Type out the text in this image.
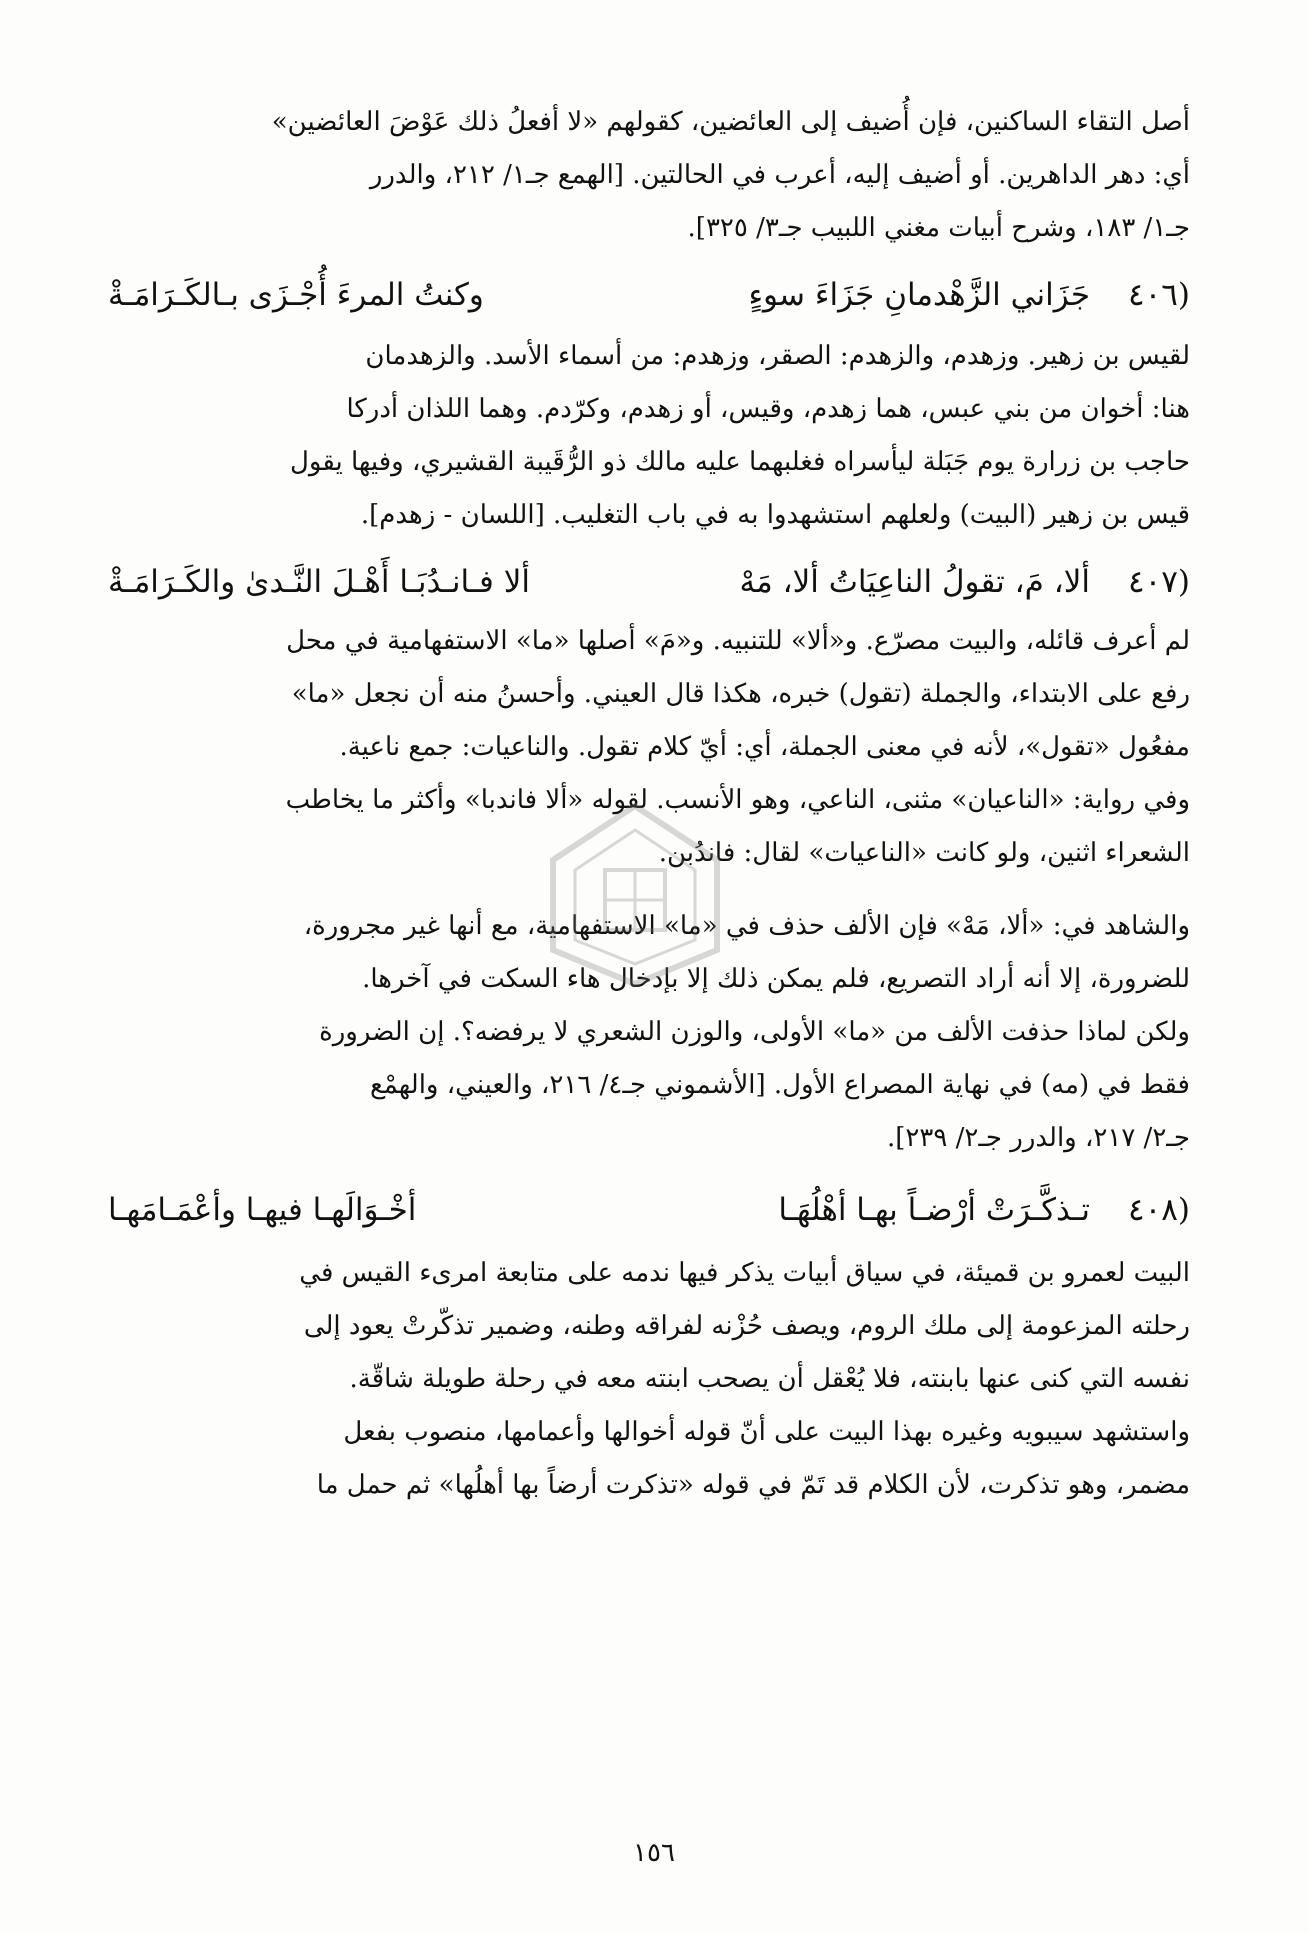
أصل التقاء الساكنين، فإن أُضيف إلى العائضين، كقولهم «لا أفعلُ ذلك عَوْضَ العائضين»

أي: دهر الداهرين. أو أضيف إليه، أعرب في الحالتين. [الهمع جـ١/ ٢١٢، والدرر

جـ١/ ١٨٣، وشرح أبيات مغني اللبيب جـ٣/ ٣٢٥].

(٤٠٦
جَزَاني الزَّهْدمانِ جَزَاءَ سوءٍ
وكنتُ المرءَ أُجْـزَى بـالكَـرَامَـةْ

لقيس بن زهير. وزهدم، والزهدم: الصقر، وزهدم: من أسماء الأسد. والزهدمان

هنا: أخوان من بني عبس، هما زهدم، وقيس، أو زهدم، وكرّدم. وهما اللذان أدركا

حاجب بن زرارة يوم جَبَلة ليأسراه فغلبهما عليه مالك ذو الرُّقَيبة القشيري، وفيها يقول

قيس بن زهير (البيت) ولعلهم استشهدوا به في باب التغليب. [اللسان - زهدم].

(٤٠٧
ألا، مَ، تقولُ الناعِيَاتُ ألا، مَهْ
ألا فـانـدُبَـا أَهْـلَ النَّـدىٰ والكَـرَامَـةْ

لم أعرف قائله، والبيت مصرّع. و«ألا» للتنبيه. و«مَ» أصلها «ما» الاستفهامية في محل

رفع على الابتداء، والجملة (تقول) خبره، هكذا قال العيني. وأحسنُ منه أن نجعل «ما»

مفعُول «تقول»، لأنه في معنى الجملة، أي: أيّ كلام تقول. والناعيات: جمع ناعية.

وفي رواية: «الناعيان» مثنى، الناعي، وهو الأنسب. لقوله «ألا فاندبا» وأكثر ما يخاطب

الشعراء اثنين، ولو كانت «الناعيات» لقال: فاندُبن.

والشاهد في: «ألا، مَهْ» فإن الألف حذف في «ما» الاستفهامية، مع أنها غير مجرورة،

للضرورة، إلا أنه أراد التصريع، فلم يمكن ذلك إلا بإدخال هاء السكت في آخرها.

ولكن لماذا حذفت الألف من «ما» الأولى، والوزن الشعري لا يرفضه؟. إن الضرورة

فقط في (مه) في نهاية المصراع الأول. [الأشموني جـ٤/ ٢١٦، والعيني، والهمْع

جـ٢/ ٢١٧، والدرر جـ٢/ ٢٣٩].

(٤٠٨
تـذكَّـرَتْ أرْضـاً بهـا أهْلُهَـا
أخْـوَالَهـا فيهـا وأعْمَـامَهـا

البيت لعمرو بن قميئة، في سياق أبيات يذكر فيها ندمه على متابعة امرىء القيس في

رحلته المزعومة إلى ملك الروم، ويصف حُزْنه لفراقه وطنه، وضمير تذكّرتْ يعود إلى

نفسه التي كنى عنها بابنته، فلا يُعْقل أن يصحب ابنته معه في رحلة طويلة شاقّة.

واستشهد سيبويه وغيره بهذا البيت على أنّ قوله أخوالها وأعمامها، منصوب بفعل

مضمر، وهو تذكرت، لأن الكلام قد تَمّ في قوله «تذكرت أرضاً بها أهلُها» ثم حمل ما

١٥٦
